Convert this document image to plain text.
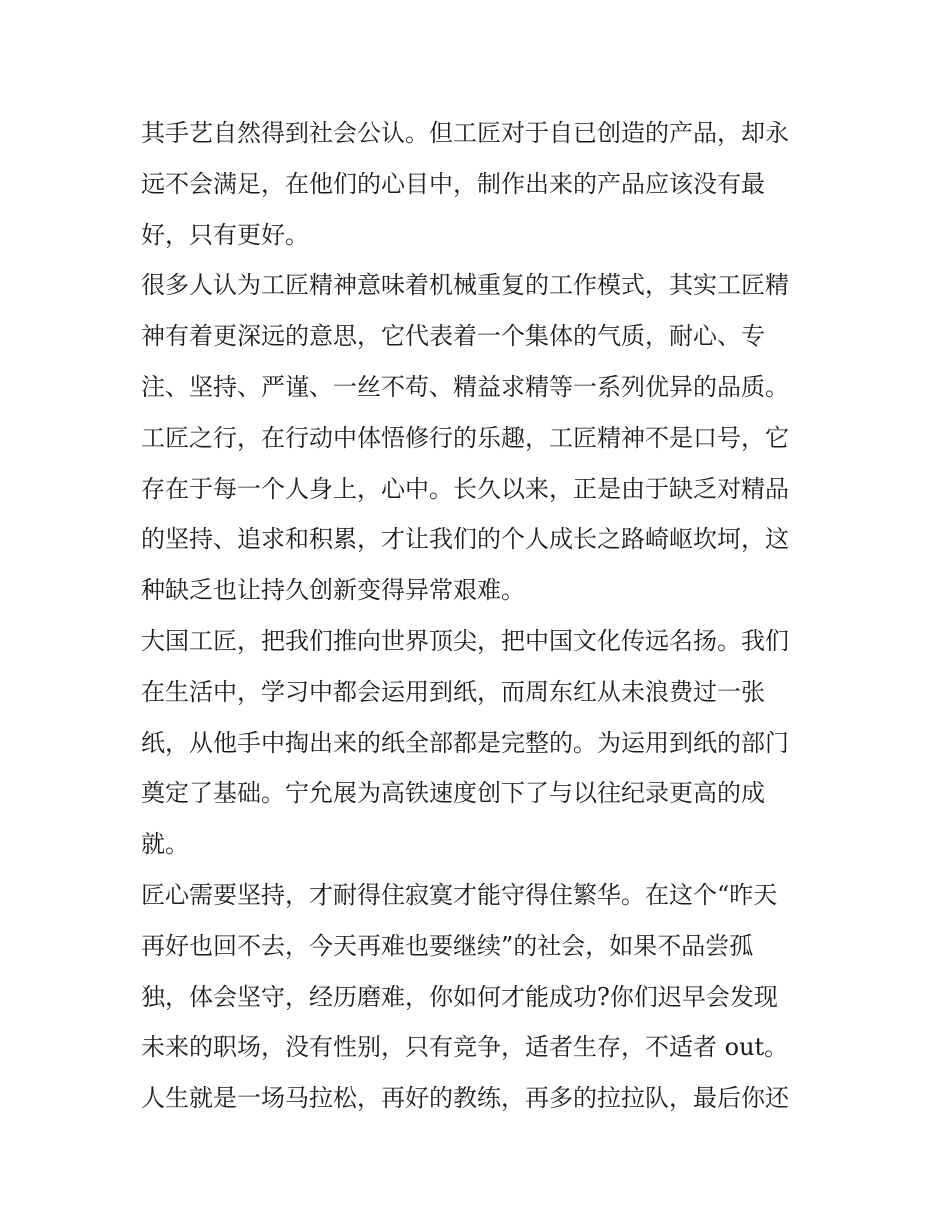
其手艺自然得到社会公认。但工匠对于自已创造的产品，却永
远不会满足，在他们的心目中，制作出来的产品应该没有最
好，只有更好。
很多人认为工匠精神意味着机械重复的工作模式，其实工匠精
神有着更深远的意思，它代表着一个集体的气质，耐心、专
注、坚持、严谨、一丝不苟、精益求精等一系列优异的品质。
工匠之行，在行动中体悟修行的乐趣，工匠精神不是口号，它
存在于每一个人身上，心中。长久以来，正是由于缺乏对精品
的坚持、追求和积累，才让我们的个人成长之路崎岖坎坷，这
种缺乏也让持久创新变得异常艰难。
大国工匠，把我们推向世界顶尖，把中国文化传远名扬。我们
在生活中，学习中都会运用到纸，而周东红从未浪费过一张
纸，从他手中掏出来的纸全部都是完整的。为运用到纸的部门
奠定了基础。宁允展为高铁速度创下了与以往纪录更高的成
就。
匠心需要坚持，才耐得住寂寞才能守得住繁华。在这个“昨天
再好也回不去，今天再难也要继续”的社会，如果不品尝孤
独，体会坚守，经历磨难，你如何才能成功?你们迟早会发现
未来的职场，没有性别，只有竞争，适者生存，不适者 out。
人生就是一场马拉松，再好的教练，再多的拉拉队，最后你还
